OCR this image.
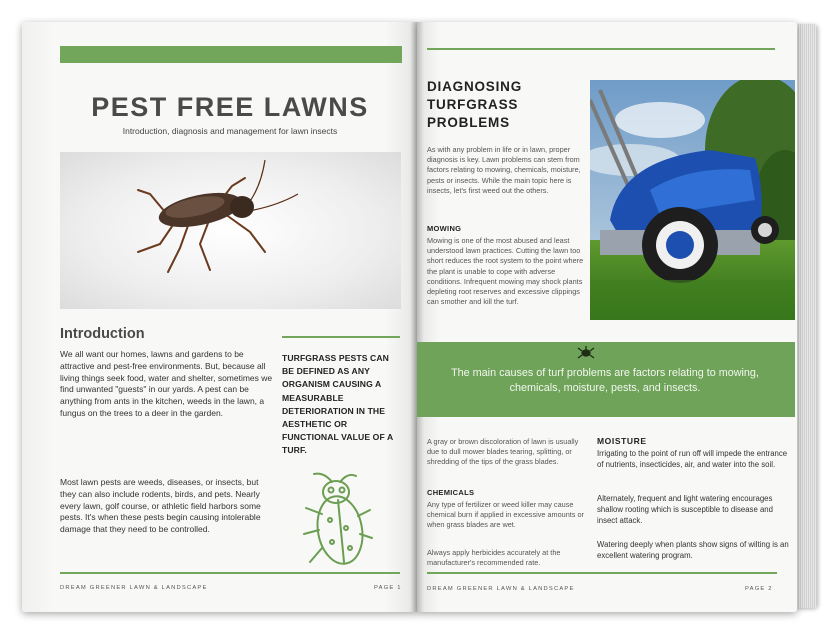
PEST FREE LAWNS
Introduction, diagnosis and management for lawn insects
Introduction
We all want our homes, lawns and gardens to be attractive and pest-free environments. But, because all living things seek food, water and shelter, sometimes we find unwanted "guests" in our yards. A pest can be anything from ants in the kitchen, weeds in the lawn, a fungus on the trees to a deer in the garden.
Most lawn pests are weeds, diseases, or insects, but they can also include rodents, birds, and pets. Nearly every lawn, golf course, or athletic field harbors some pests. It's when these pests begin causing intolerable damage that they need to be controlled.
TURFGRASS PESTS CAN BE DEFINED AS ANY ORGANISM CAUSING A MEASURABLE DETERIORATION IN THE AESTHETIC OR FUNCTIONAL VALUE OF A TURF.
DREAM GREENER LAWN & LANDSCAPE	PAGE 1
DIAGNOSING TURFGRASS PROBLEMS
As with any problem in life or in lawn, proper diagnosis is key. Lawn problems can stem from factors relating to mowing, chemicals, moisture, pests or insects. While the main topic here is insects, let's first weed out the others.
MOWING
Mowing is one of the most abused and least understood lawn practices. Cutting the lawn too short reduces the root system to the point where the plant is unable to cope with adverse conditions. Infrequent mowing may shock plants depleting root reserves and excessive clippings can smother and kill the turf.
The main causes of turf problems are factors relating to mowing, chemicals, moisture, pests, and insects.
A gray or brown discoloration of lawn is usually due to dull mower blades tearing, splitting, or shredding of the tips of the grass blades.
CHEMICALS
Any type of fertilizer or weed killer may cause chemical burn if applied in excessive amounts or when grass blades are wet.
Always apply herbicides accurately at the manufacturer's recommended rate.
MOISTURE
Irrigating to the point of run off will impede the entrance of nutrients, insecticides, air, and water into the soil.
Alternately, frequent and light watering encourages shallow rooting which is susceptible to disease and insect attack.
Watering deeply when plants show signs of wilting is an excellent watering program.
DREAM GREENER LAWN & LANDSCAPE	PAGE 2
